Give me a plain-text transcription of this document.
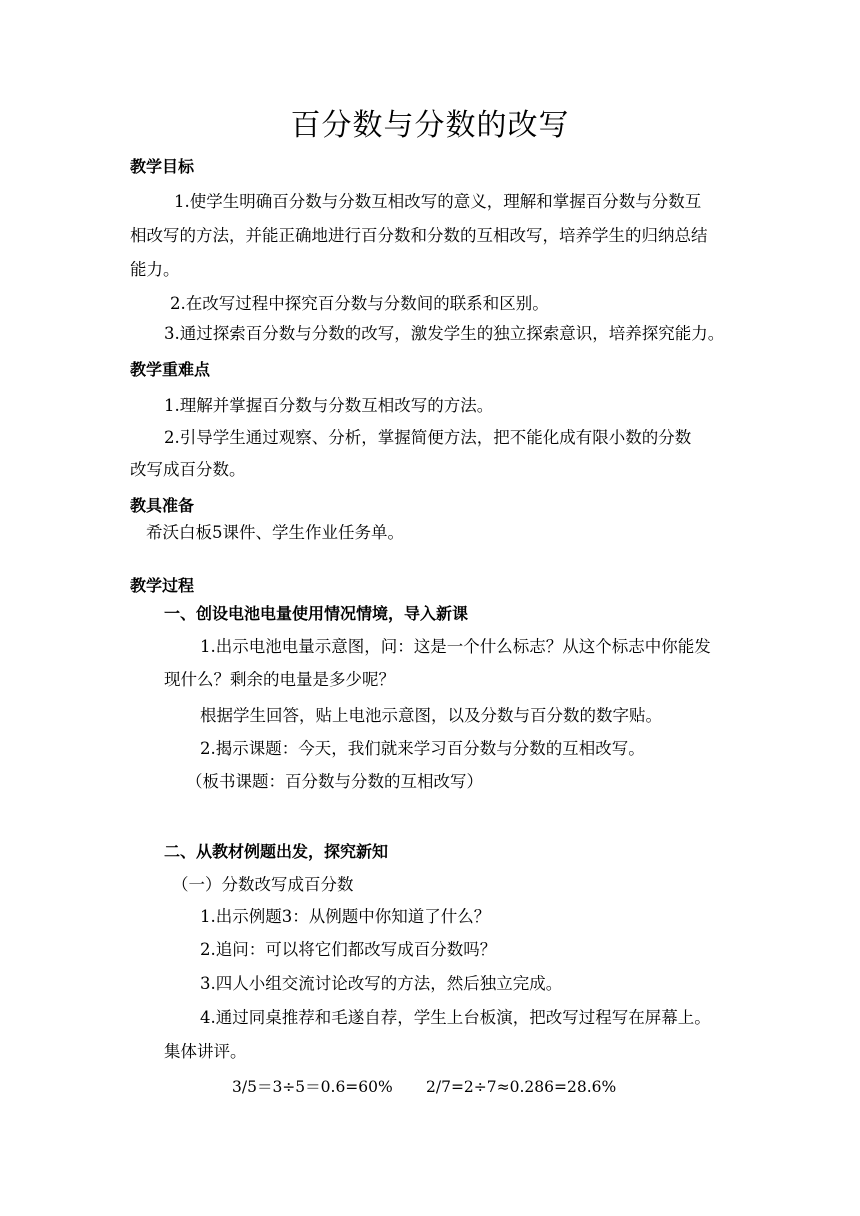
百分数与分数的改写

教学目标

1.使学生明确百分数与分数互相改写的意义，理解和掌握百分数与分数互

相改写的方法，并能正确地进行百分数和分数的互相改写，培养学生的归纳总结

能力。

2.在改写过程中探究百分数与分数间的联系和区别。

3.通过探索百分数与分数的改写，激发学生的独立探索意识，培养探究能力。

教学重难点

1.理解并掌握百分数与分数互相改写的方法。

2.引导学生通过观察、分析，掌握简便方法，把不能化成有限小数的分数

改写成百分数。

教具准备

希沃白板5课件、学生作业任务单。

教学过程

一、创设电池电量使用情况情境，导入新课

1.出示电池电量示意图，问：这是一个什么标志？从这个标志中你能发

现什么？剩余的电量是多少呢？

根据学生回答，贴上电池示意图，以及分数与百分数的数字贴。

2.揭示课题：今天，我们就来学习百分数与分数的互相改写。

（板书课题：百分数与分数的互相改写）

二、从教材例题出发，探究新知

（一）分数改写成百分数

1.出示例题3：从例题中你知道了什么？

2.追问：可以将它们都改写成百分数吗？

3.四人小组交流讨论改写的方法，然后独立完成。

4.通过同桌推荐和毛遂自荐，学生上台板演，把改写过程写在屏幕上。

集体讲评。

3/5＝3÷5＝0.6=60% 2/7=2÷7≈0.286=28.6%
